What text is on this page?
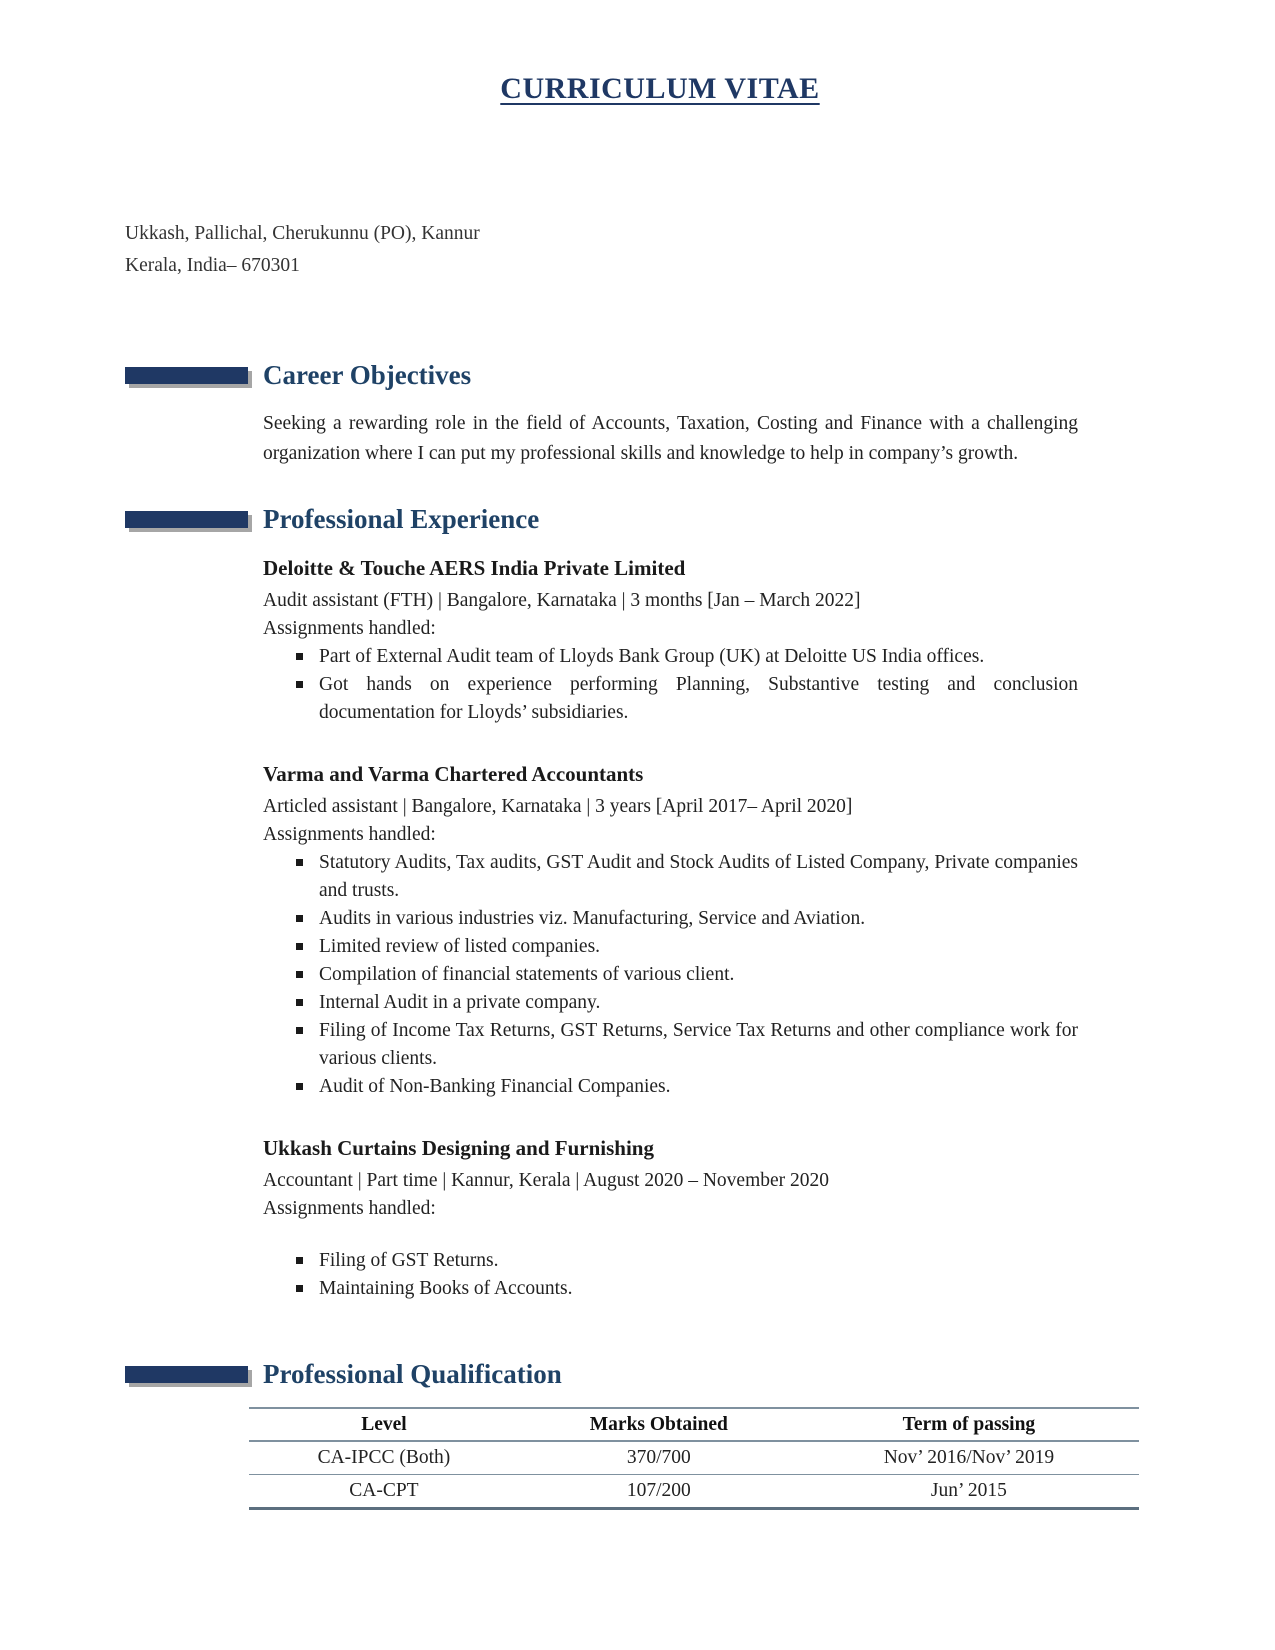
CURRICULUM VITAE
Ukkash, Pallichal, Cherukunnu (PO), Kannur
Kerala, India– 670301
Career Objectives

Seeking a rewarding role in the field of Accounts, Taxation, Costing and Finance with a challenging organization where I can put my professional skills and knowledge to help in company’s growth.

Professional Experience
Deloitte & Touche AERS India Private Limited
Audit assistant (FTH) | Bangalore, Karnataka | 3 months [Jan – March 2022]
Assignments handled:
Part of External Audit team of Lloyds Bank Group (UK) at Deloitte US India offices.
Got hands on experience performing Planning, Substantive testing and conclusion documentation for Lloyds’ subsidiaries.
Varma and Varma Chartered Accountants
Articled assistant | Bangalore, Karnataka | 3 years [April 2017– April 2020]
Assignments handled:
Statutory Audits, Tax audits, GST Audit and Stock Audits of Listed Company, Private companies and trusts.
Audits in various industries viz. Manufacturing, Service and Aviation.
Limited review of listed companies.
Compilation of financial statements of various client.
Internal Audit in a private company.
Filing of Income Tax Returns, GST Returns, Service Tax Returns and other compliance work for various clients.
Audit of Non-Banking Financial Companies.
Ukkash Curtains Designing and Furnishing
Accountant | Part time | Kannur, Kerala | August 2020 – November 2020
Assignments handled:
Filing of GST Returns.
Maintaining Books of Accounts.
Professional Qualification
Level	Marks Obtained	Term of passing
CA-IPCC (Both)	370/700	Nov’ 2016/Nov’ 2019
CA-CPT	107/200	Jun’ 2015
